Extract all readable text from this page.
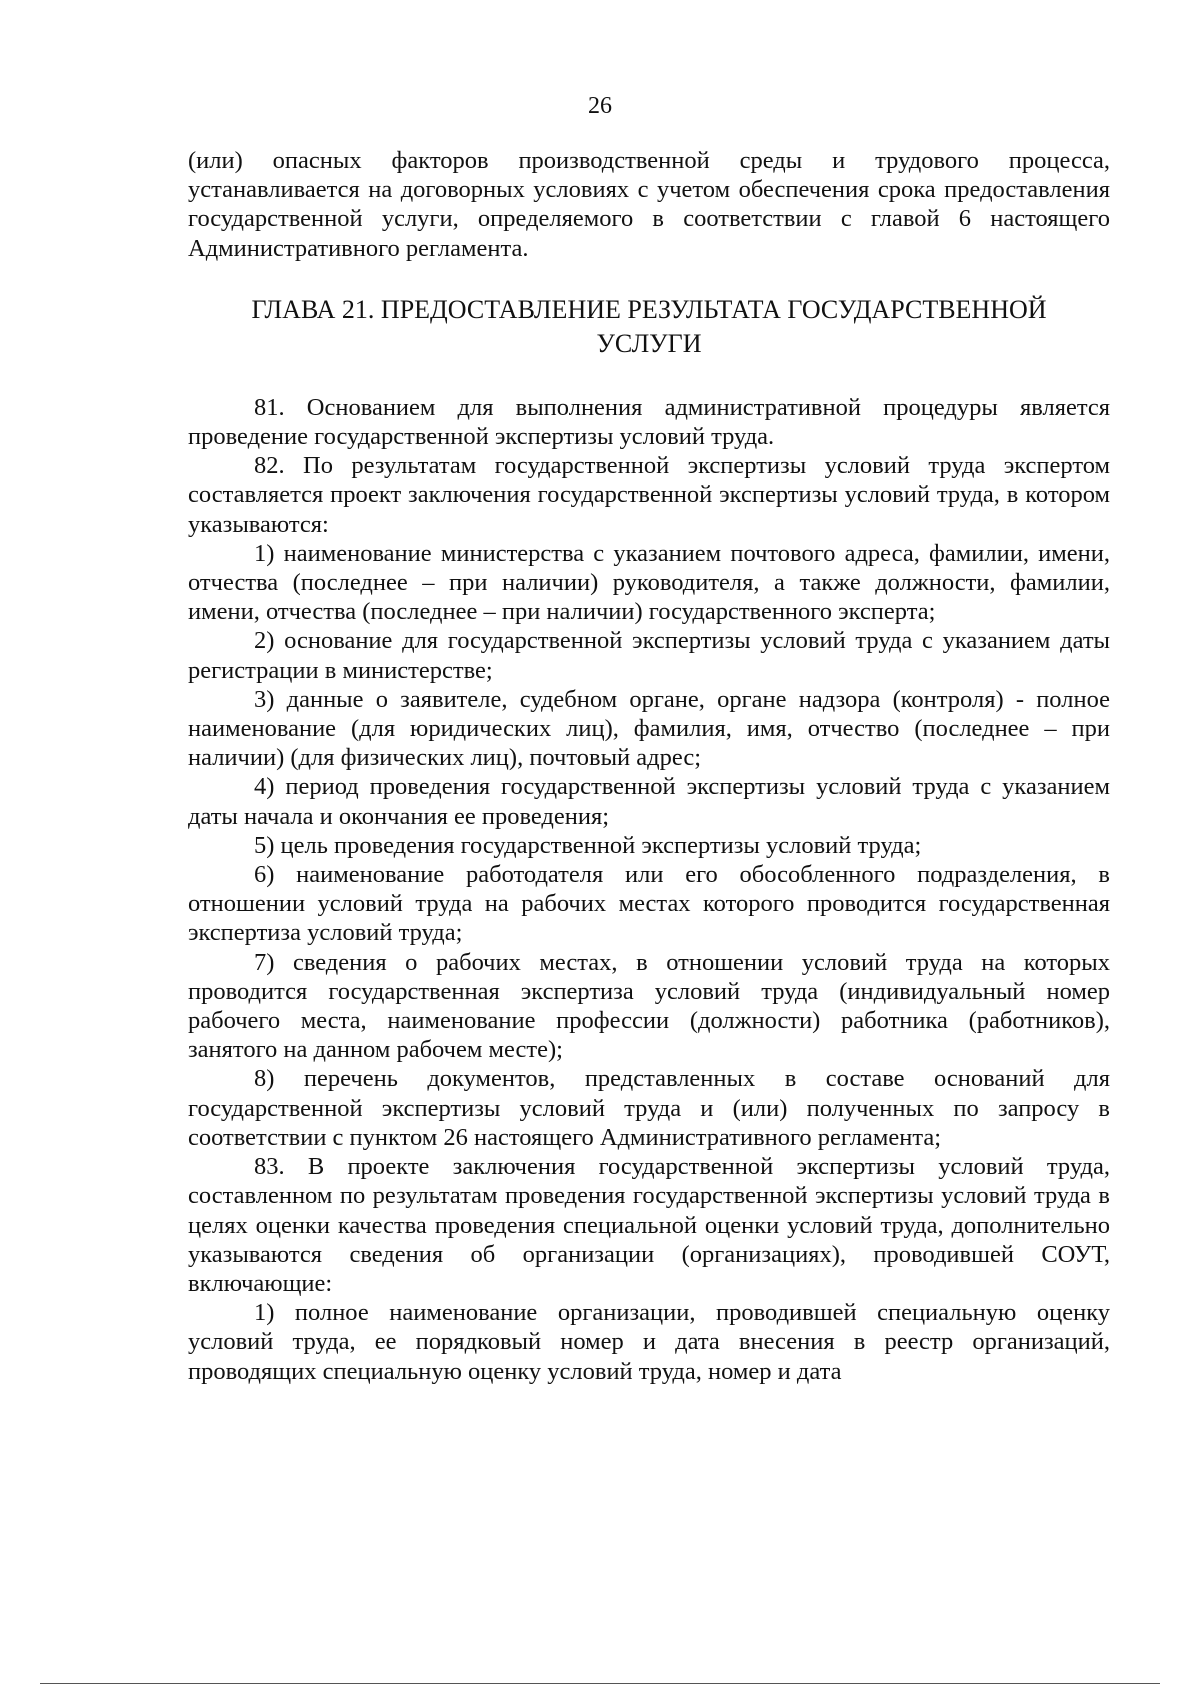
26

(или) опасных факторов производственной среды и трудового процесса, устанавливается на договорных условиях с учетом обеспечения срока предоставления государственной услуги, определяемого в соответствии с главой 6 настоящего Административного регламента.

ГЛАВА 21. ПРЕДОСТАВЛЕНИЕ РЕЗУЛЬТАТА ГОСУДАРСТВЕННОЙ УСЛУГИ

81. Основанием для выполнения административной процедуры является проведение государственной экспертизы условий труда.

82. По результатам государственной экспертизы условий труда экспертом составляется проект заключения государственной экспертизы условий труда, в котором указываются:

1) наименование министерства с указанием почтового адреса, фамилии, имени, отчества (последнее – при наличии) руководителя, а также должности, фамилии, имени, отчества (последнее – при наличии) государственного эксперта;

2) основание для государственной экспертизы условий труда с указанием даты регистрации в министерстве;

3) данные о заявителе, судебном органе, органе надзора (контроля) - полное наименование (для юридических лиц), фамилия, имя, отчество (последнее – при наличии) (для физических лиц), почтовый адрес;

4) период проведения государственной экспертизы условий труда с указанием даты начала и окончания ее проведения;

5) цель проведения государственной экспертизы условий труда;

6) наименование работодателя или его обособленного подразделения, в отношении условий труда на рабочих местах которого проводится государственная экспертиза условий труда;

7) сведения о рабочих местах, в отношении условий труда на которых проводится государственная экспертиза условий труда (индивидуальный номер рабочего места, наименование профессии (должности) работника (работников), занятого на данном рабочем месте);

8) перечень документов, представленных в составе оснований для государственной экспертизы условий труда и (или) полученных по запросу в соответствии с пунктом 26 настоящего Административного регламента;

83. В проекте заключения государственной экспертизы условий труда, составленном по результатам проведения государственной экспертизы условий труда в целях оценки качества проведения специальной оценки условий труда, дополнительно указываются сведения об организации (организациях), проводившей СОУТ, включающие:

1) полное наименование организации, проводившей специальную оценку условий труда, ее порядковый номер и дата внесения в реестр организаций, проводящих специальную оценку условий труда, номер и дата
